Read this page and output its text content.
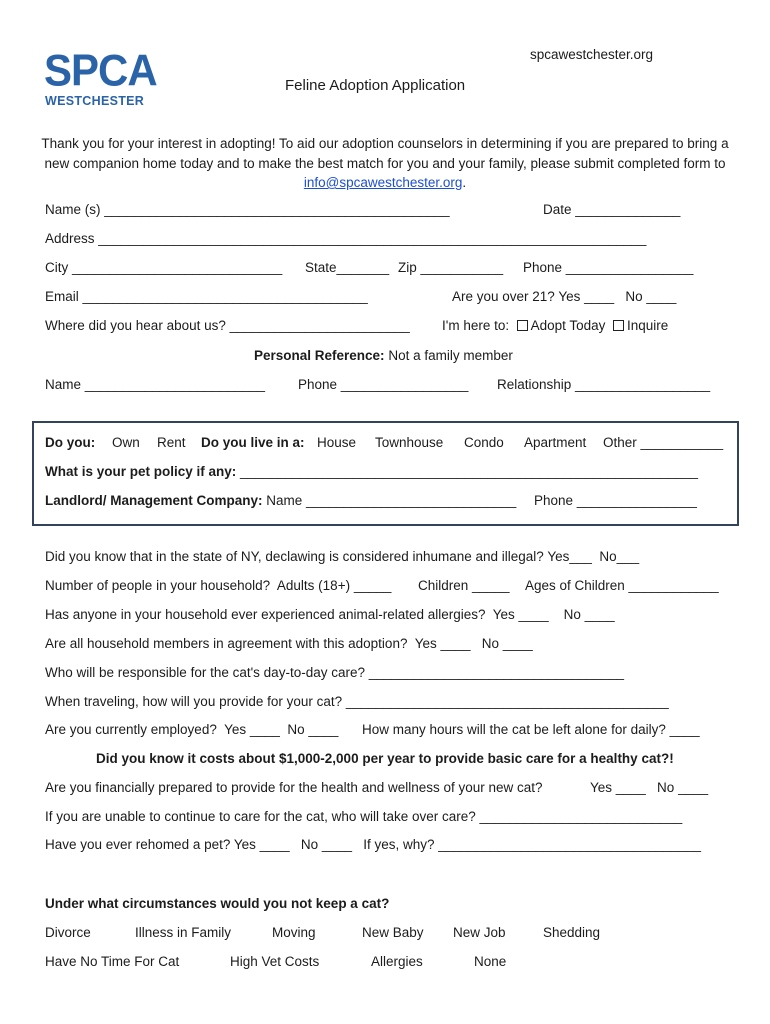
SPCA
WESTCHESTER
spcawestchester.org
Feline Adoption Application
Thank you for your interest in adopting! To aid our adoption counselors in determining if you are prepared to bring a new companion home today and to make the best match for you and your family, please submit completed form to info@spcawestchester.org.
Name (s) ______________________________________________	Date ______________
Address _________________________________________________________________________
City ____________________________ State_______ Zip ___________ Phone _________________
Email ______________________________________	Are you over 21? Yes ____   No ____
Where did you hear about us? ________________________ I'm here to: Adopt Today Inquire
Personal Reference: Not a family member
Name ________________________ Phone _________________ Relationship __________________
Do you: Own Rent Do you live in a: House Townhouse Condo Apartment Other ___________
What is your pet policy if any: _____________________________________________________________
Landlord/ Management Company: Name ____________________________ Phone ________________
Did you know that in the state of NY, declawing is considered inhumane and illegal? Yes___  No___
Number of people in your household?  Adults (18+) _____ Children _____ Ages of Children ____________
Has anyone in your household ever experienced animal-related allergies?  Yes ____    No ____
Are all household members in agreement with this adoption?  Yes ____   No ____
Who will be responsible for the cat's day-to-day care? __________________________________
When traveling, how will you provide for your cat? ___________________________________________
Are you currently employed?  Yes ____  No ____ How many hours will the cat be left alone for daily? ____
Did you know it costs about $1,000-2,000 per year to provide basic care for a healthy cat?!
Are you financially prepared to provide for the health and wellness of your new cat?	Yes ____   No ____
If you are unable to continue to care for the cat, who will take over care? ___________________________
Have you ever rehomed a pet? Yes ____   No ____   If yes, why? ___________________________________
Under what circumstances would you not keep a cat?
Divorce	Illness in Family	Moving	New Baby New Job	Shedding
Have No Time For Cat	High Vet Costs	Allergies	None
